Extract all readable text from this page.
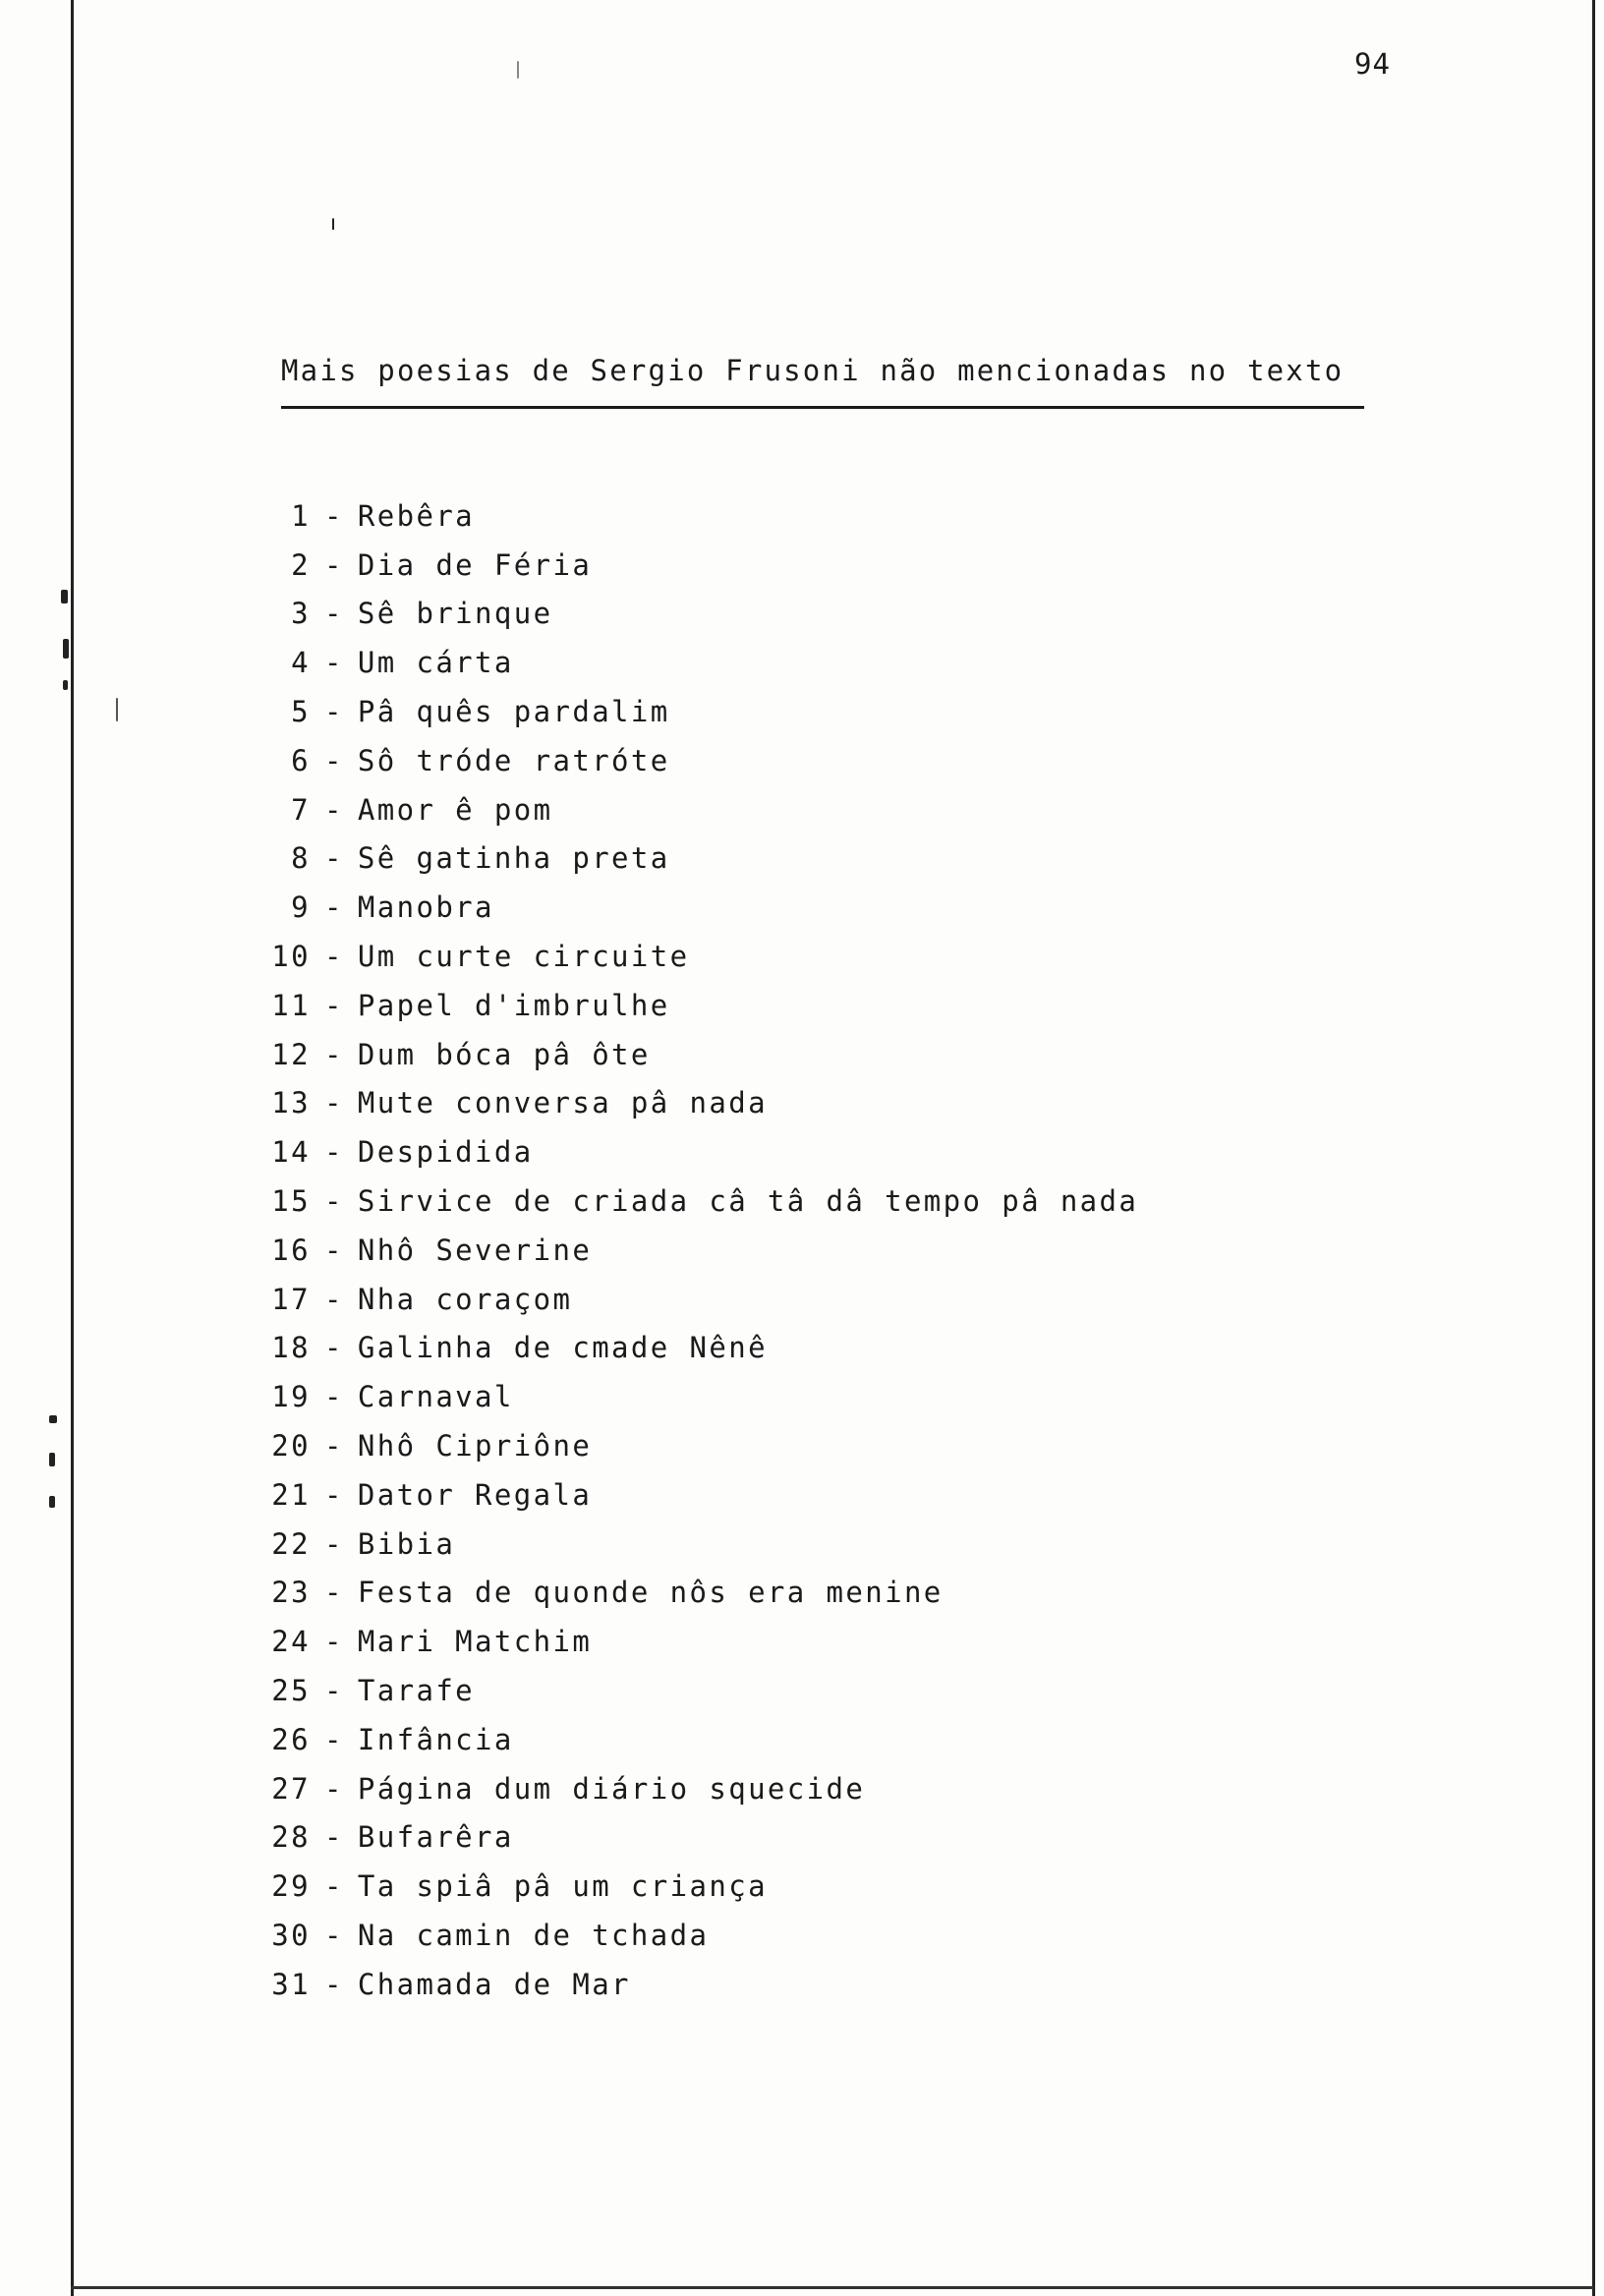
94
Mais poesias de Sergio Frusoni não mencionadas no texto
1 - Rebêra
2 - Dia de Féria
3 - Sê brinque
4 - Um cárta
5 - Pâ quês pardalim
6 - Sô tróde ratróte
7 - Amor ê pom
8 - Sê gatinha preta
9 - Manobra
10 - Um curte circuite
11 - Papel d'imbrulhe
12 - Dum bóca pâ ôte
13 - Mute conversa pâ nada
14 - Despidida
15 - Sirvice de criada câ tâ dâ tempo pâ nada
16 - Nhô Severine
17 - Nha coraçom
18 - Galinha de cmade Nênê
19 - Carnaval
20 - Nhô Cipriône
21 - Dator Regala
22 - Bibia
23 - Festa de quonde nôs era menine
24 - Mari Matchim
25 - Tarafe
26 - Infância
27 - Página dum diário squecide
28 - Bufarêra
29 - Ta spiâ pâ um criança
30 - Na camin de tchada
31 - Chamada de Mar
